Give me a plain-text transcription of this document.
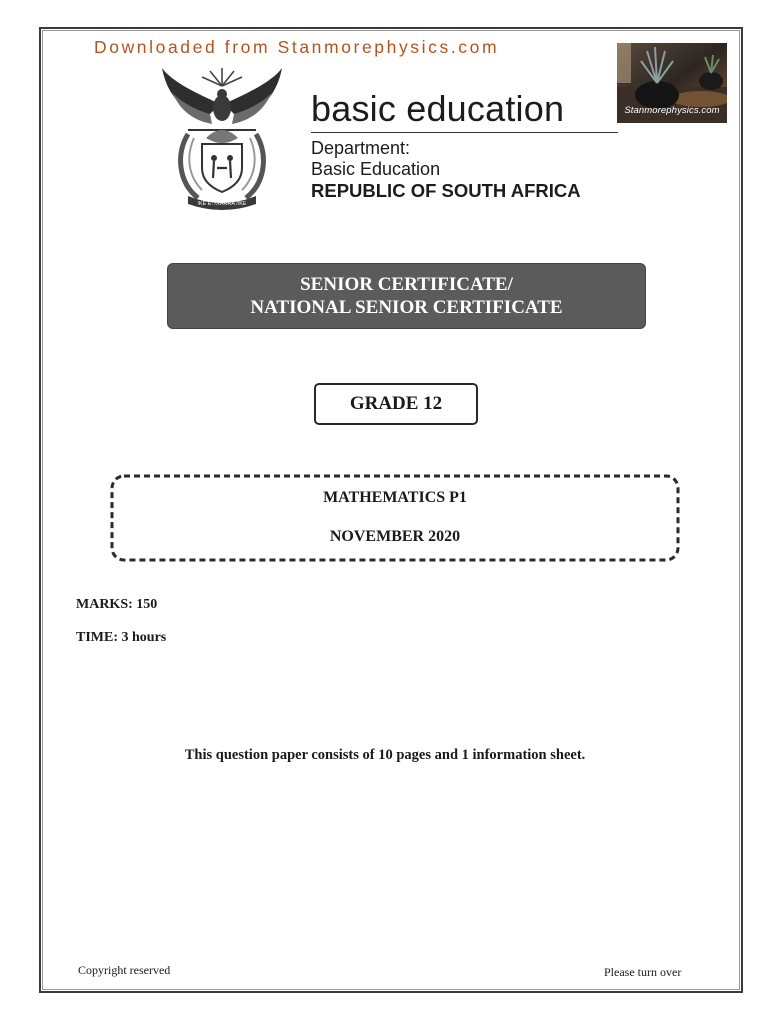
Downloaded from Stanmorephysics.com
!KE E: /XARRA //KE
basic education
Department:
Basic Education
REPUBLIC OF SOUTH AFRICA
Stanmorephysics.com
SENIOR CERTIFICATE/
NATIONAL SENIOR CERTIFICATE
GRADE 12
MATHEMATICS P1
NOVEMBER 2020
MARKS: 150
TIME: 3 hours
This question paper consists of 10 pages and 1 information sheet.
Copyright reserved	Please turn over
